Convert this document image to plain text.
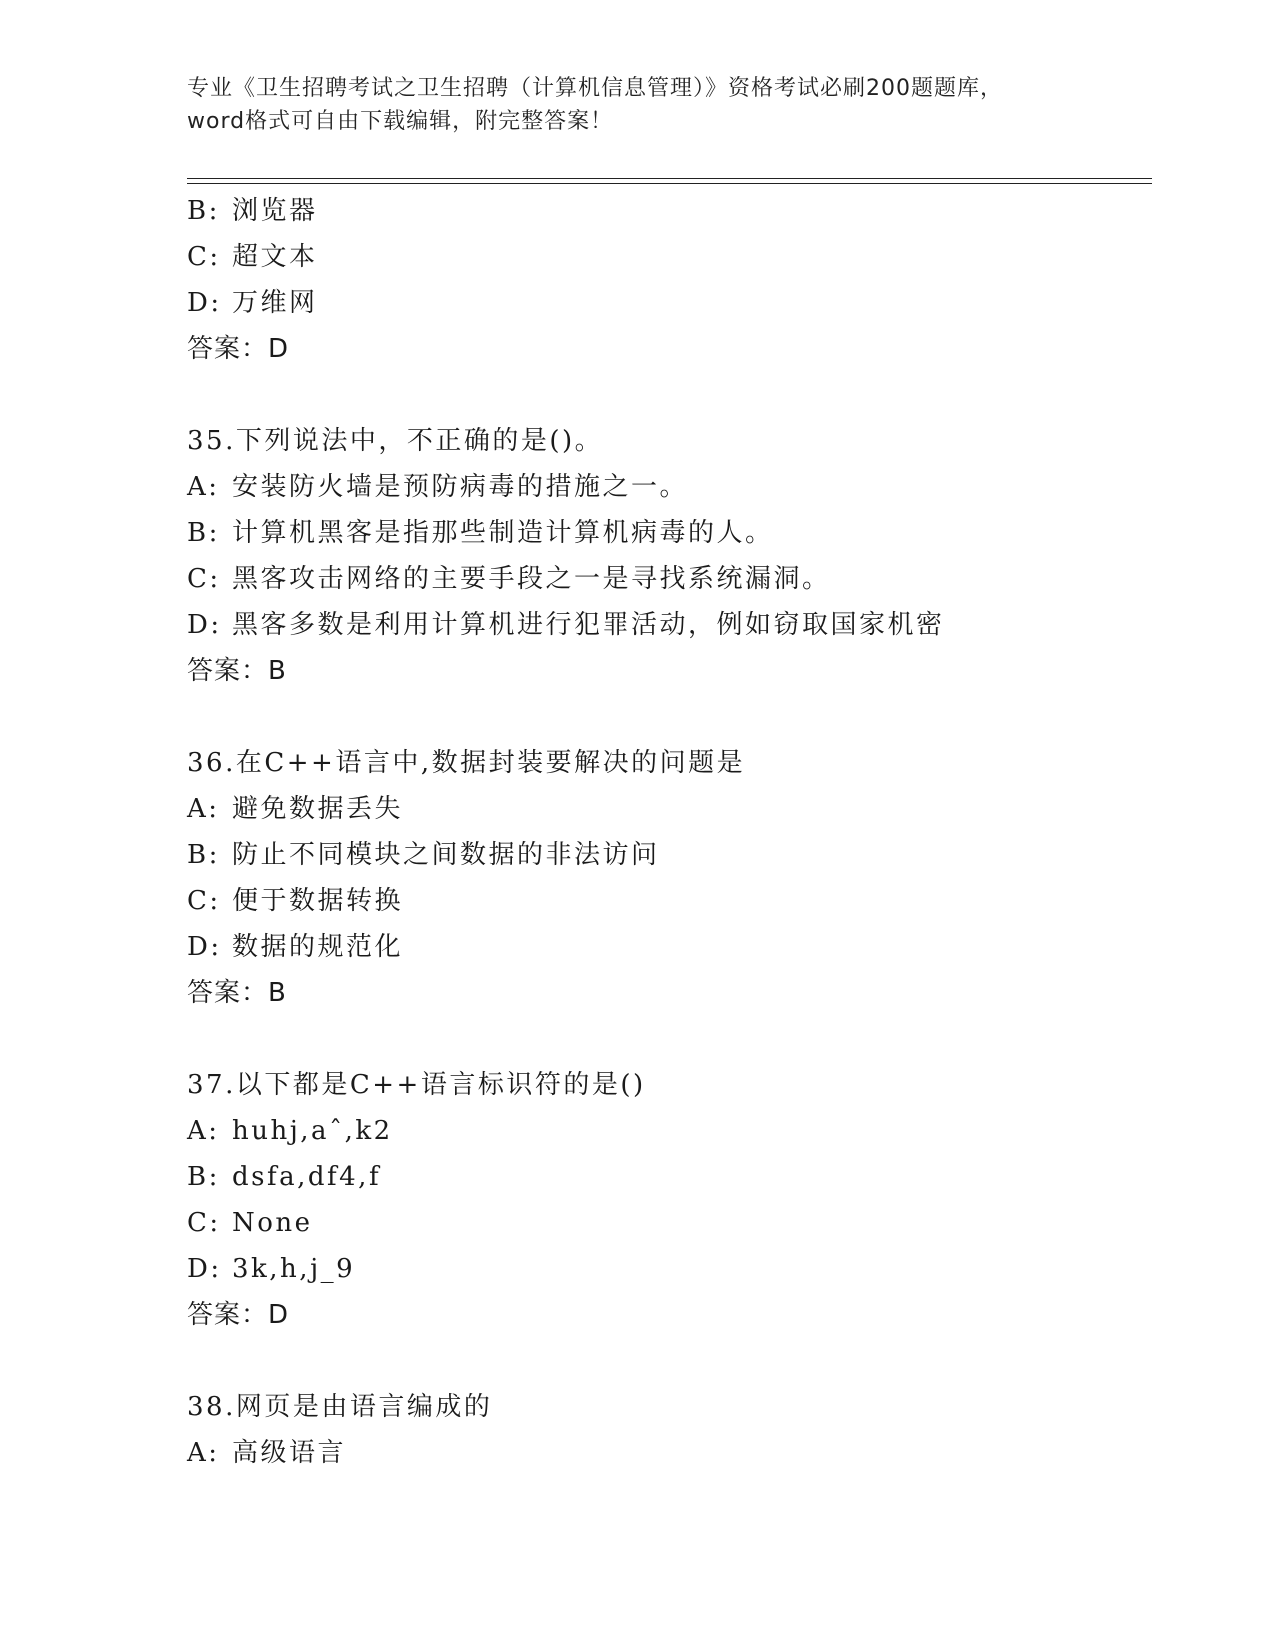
专业《卫生招聘考试之卫生招聘（计算机信息管理）》资格考试必刷200题题库，
word格式可自由下载编辑，附完整答案！
B: 浏览器
C: 超文本
D: 万维网
答案：D
35.下列说法中，不正确的是()。
A: 安装防火墙是预防病毒的措施之一。
B: 计算机黑客是指那些制造计算机病毒的人。
C: 黑客攻击网络的主要手段之一是寻找系统漏洞。
D: 黑客多数是利用计算机进行犯罪活动，例如窃取国家机密
答案：B
36.在C++语言中,数据封装要解决的问题是
A: 避免数据丢失
B: 防止不同模块之间数据的非法访问
C: 便于数据转换
D: 数据的规范化
答案：B
37.以下都是C++语言标识符的是()
A: huhj,aˆ,k2
B: dsfa,df4,f
C: None
D: 3k,h,j_9
答案：D
38.网页是由语言编成的
A: 高级语言
